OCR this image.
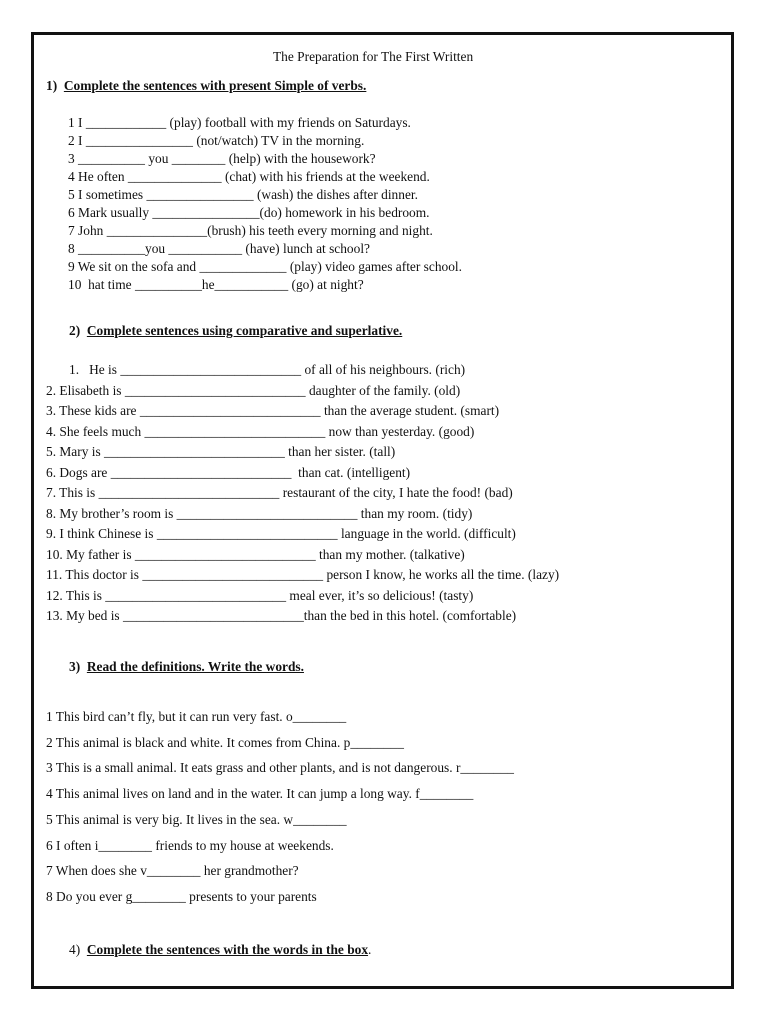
The Preparation for The First Written
1) Complete the sentences with present Simple of verbs.
1 I ____________ (play) football with my friends on Saturdays.
2 I ________________ (not/watch) TV in the morning.
3 __________ you ________ (help) with the housework?
4 He often ______________ (chat) with his friends at the weekend.
5 I sometimes ________________ (wash) the dishes after dinner.
6 Mark usually ________________(do) homework in his bedroom.
7 John _______________(brush) his teeth every morning and night.
8 __________you ___________ (have) lunch at school?
9 We sit on the sofa and _____________ (play) video games after school.
10  hat time __________he___________ (go) at night?
2) Complete sentences using comparative and superlative.
1.   He is ___________________________ of all of his neighbours. (rich)
2. Elisabeth is ___________________________ daughter of the family. (old)
3. These kids are ___________________________ than the average student. (smart)
4. She feels much ___________________________ now than yesterday. (good)
5. Mary is ___________________________ than her sister. (tall)
6. Dogs are ___________________________  than cat. (intelligent)
7. This is ___________________________ restaurant of the city, I hate the food! (bad)
8. My brother’s room is ___________________________ than my room. (tidy)
9. I think Chinese is ___________________________ language in the world. (difficult)
10. My father is ___________________________ than my mother. (talkative)
11. This doctor is ___________________________ person I know, he works all the time. (lazy)
12. This is ___________________________ meal ever, it’s so delicious! (tasty)
13. My bed is ___________________________than the bed in this hotel. (comfortable)
3) Read the definitions. Write the words.
1 This bird can’t fly, but it can run very fast. o________
2 This animal is black and white. It comes from China. p________
3 This is a small animal. It eats grass and other plants, and is not dangerous. r________
4 This animal lives on land and in the water. It can jump a long way. f________
5 This animal is very big. It lives in the sea. w________
6 I often i________ friends to my house at weekends.
7 When does she v________ her grandmother?
8 Do you ever g________ presents to your parents
4) Complete the sentences with the words in the box.
